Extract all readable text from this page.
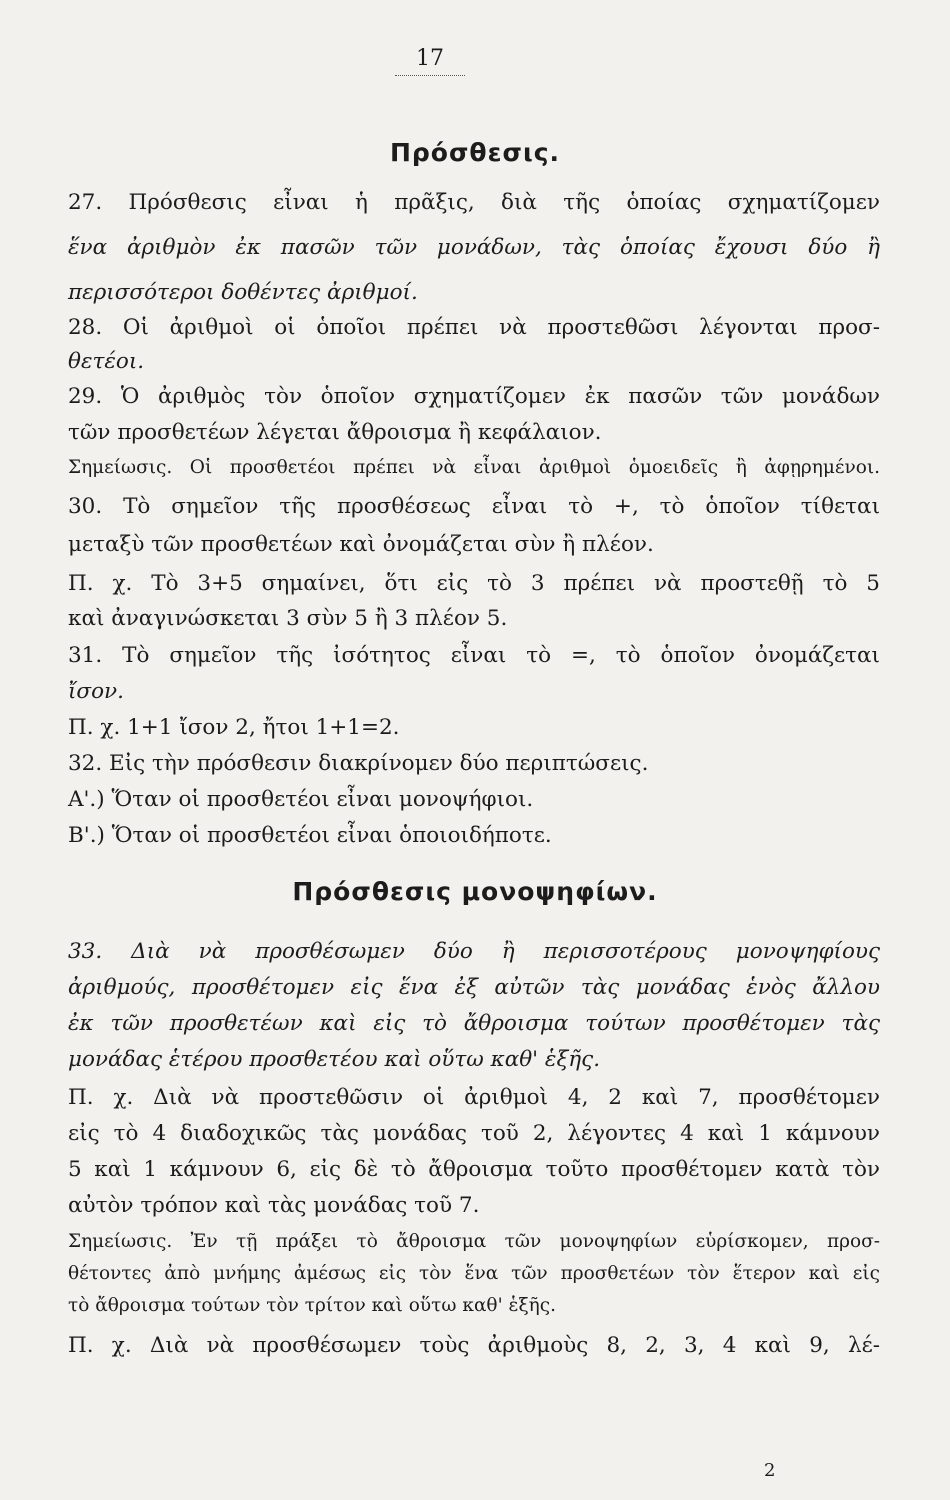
17
Πρόσθεσις.
27. Πρόσθεσις εἶναι ἡ πρᾶξις, διὰ τῆς ὁποίας σχηματίζομεν
ἕνα ἀριθμὸν ἐκ πασῶν τῶν μονάδων, τὰς ὁποίας ἔχουσι δύο ἢ
περισσότεροι δοθέντες ἀριθμοί.
28. Οἱ ἀριθμοὶ οἱ ὁποῖοι πρέπει νὰ προστεθῶσι λέγονται προσ-
θετέοι.
29. Ὁ ἀριθμὸς τὸν ὁποῖον σχηματίζομεν ἐκ πασῶν τῶν μονάδων
τῶν προσθετέων λέγεται ἄθροισμα ἢ κεφάλαιον.
Σημείωσις. Οἱ προσθετέοι πρέπει νὰ εἶναι ἀριθμοὶ ὁμοειδεῖς ἢ ἀφῃρημένοι.
30. Τὸ σημεῖον τῆς προσθέσεως εἶναι τὸ +, τὸ ὁποῖον τίθεται
μεταξὺ τῶν προσθετέων καὶ ὀνομάζεται σὺν ἢ πλέον.
Π. χ. Τὸ 3+5 σημαίνει, ὅτι εἰς τὸ 3 πρέπει νὰ προστεθῇ τὸ 5
καὶ ἀναγινώσκεται 3 σὺν 5 ἢ 3 πλέον 5.
31. Τὸ σημεῖον τῆς ἰσότητος εἶναι τὸ =, τὸ ὁποῖον ὀνομάζεται
ἴσον.
Π. χ. 1+1 ἴσον 2, ἤτοι 1+1=2.
32. Εἰς τὴν πρόσθεσιν διακρίνομεν δύο περιπτώσεις.
Α'.) Ὅταν οἱ προσθετέοι εἶναι μονοψήφιοι.
Β'.) Ὅταν οἱ προσθετέοι εἶναι ὁποιοιδήποτε.
Πρόσθεσις μονοψηφίων.
33. Διὰ νὰ προσθέσωμεν δύο ἢ περισσοτέρους μονοψηφίους
ἀριθμούς, προσθέτομεν εἰς ἕνα ἐξ αὐτῶν τὰς μονάδας ἑνὸς ἄλλου
ἐκ τῶν προσθετέων καὶ εἰς τὸ ἄθροισμα τούτων προσθέτομεν τὰς
μονάδας ἑτέρου προσθετέου καὶ οὕτω καθ' ἑξῆς.
Π. χ. Διὰ νὰ προστεθῶσιν οἱ ἀριθμοὶ 4, 2 καὶ 7, προσθέτομεν
εἰς τὸ 4 διαδοχικῶς τὰς μονάδας τοῦ 2, λέγοντες 4 καὶ 1 κάμνουν
5 καὶ 1 κάμνουν 6, εἰς δὲ τὸ ἄθροισμα τοῦτο προσθέτομεν κατὰ τὸν
αὐτὸν τρόπον καὶ τὰς μονάδας τοῦ 7.
Σημείωσις. Ἐν τῇ πράξει τὸ ἄθροισμα τῶν μονοψηφίων εὑρίσκομεν, προσ-
θέτοντες ἀπὸ μνήμης ἀμέσως εἰς τὸν ἕνα τῶν προσθετέων τὸν ἕτερον καὶ εἰς
τὸ ἄθροισμα τούτων τὸν τρίτον καὶ οὕτω καθ' ἑξῆς.
Π. χ. Διὰ νὰ προσθέσωμεν τοὺς ἀριθμοὺς 8, 2, 3, 4 καὶ 9, λέ-
2
